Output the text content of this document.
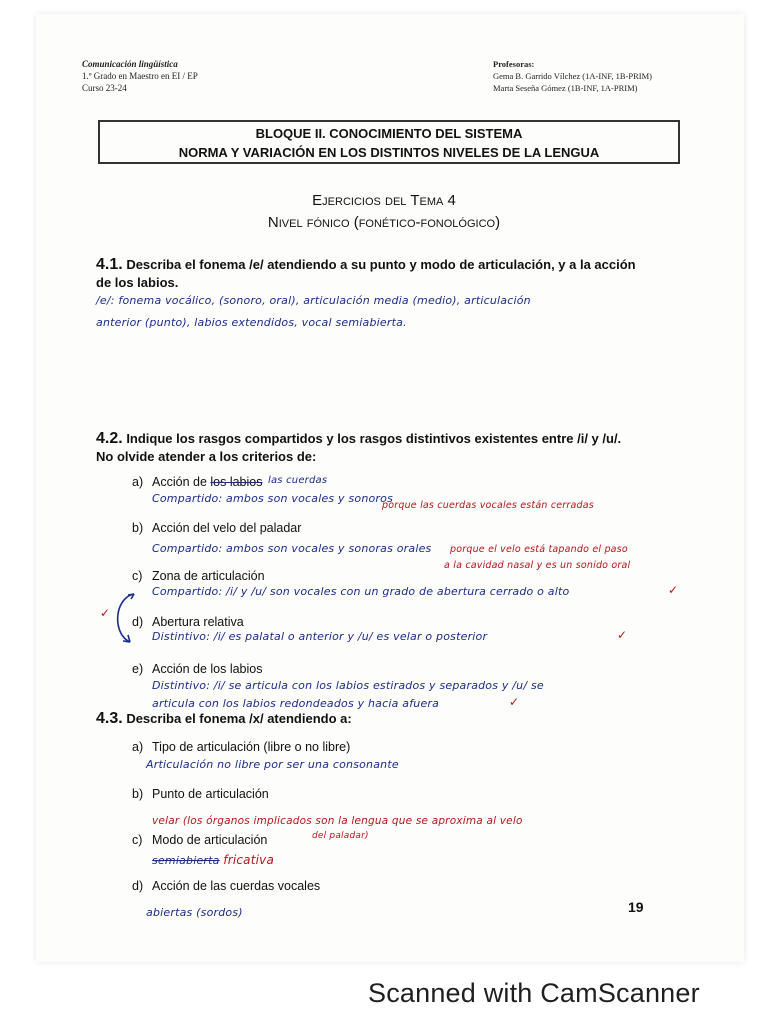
Comunicación lingüística
1.º Grado en Maestro en EI / EP
Curso 23-24
Profesoras:
Gema B. Garrido Vílchez (1A-INF, 1B-PRIM)
Marta Seseña Gómez (1B-INF, 1A-PRIM)
BLOQUE II. CONOCIMIENTO DEL SISTEMA
NORMA Y VARIACIÓN EN LOS DISTINTOS NIVELES DE LA LENGUA
Ejercicios del Tema 4
Nivel fónico (fonético-fonológico)
4.1. Describa el fonema /e/ atendiendo a su punto y modo de articulación, y a la acción
de los labios.
/e/: fonema vocálico, (sonoro, oral), articulación media (medio), articulación
anterior (punto), labios extendidos, vocal semiabierta.
4.2. Indique los rasgos compartidos y los rasgos distintivos existentes entre /i/ y /u/.
No olvide atender a los criterios de:
a) Acción de los labios las cuerdas
Compartido: ambos son vocales y sonoros
porque las cuerdas vocales están cerradas
b) Acción del velo del paladar
Compartido: ambos son vocales y sonoras orales porque el velo está tapando el paso
a la cavidad nasal y es un sonido oral
c) Zona de articulación
Compartido: /i/ y /u/ son vocales con un grado de abertura cerrado o alto	✓
d) Abertura relativa
Distintivo: /i/ es palatal o anterior y /u/ es velar o posterior	✓
✓
e) Acción de los labios
Distintivo: /i/ se articula con los labios estirados y separados y /u/ se
articula con los labios redondeados y hacia afuera	✓
4.3. Describa el fonema /x/ atendiendo a:
a) Tipo de articulación (libre o no libre)
Articulación no libre por ser una consonante
b) Punto de articulación
velar (los órganos implicados son la lengua que se aproxima al velo
del paladar)
c) Modo de articulación
semiabierta fricativa
d) Acción de las cuerdas vocales
abiertas (sordos)	19
Scanned with CamScanner
